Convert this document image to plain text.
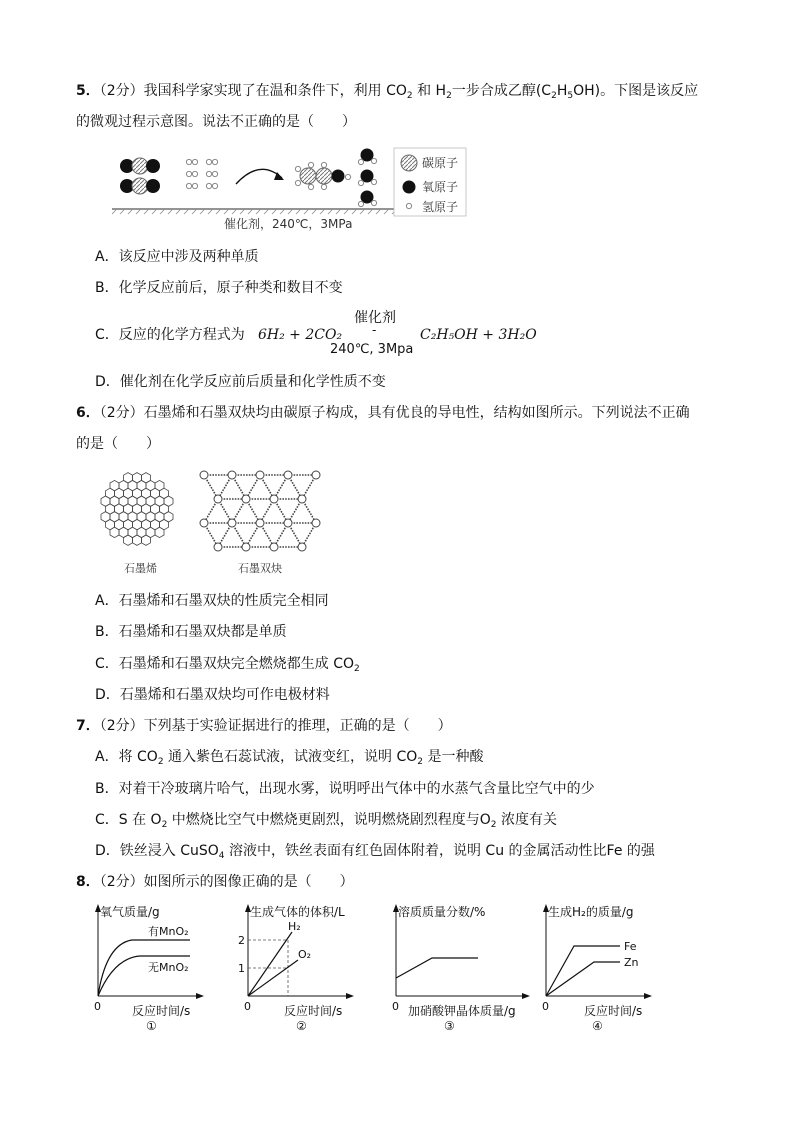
5．（2分）我国科学家实现了在温和条件下，利用 $CO_2$ 和 $H_2$一步合成乙醇$(C_2H_5OH)$。下图是该反应
的微观过程示意图。说法不正确的是（　　）
碳原子
氧原子
氢原子
催化剂，240℃，3MPa
A．该反应中涉及两种单质
B．化学反应前后，原子种类和数目不变
C．反应的化学方程式为 6H₂ + 2CO₂
催化剂
-
240℃, 3Mpa
C₂H₅OH + 3H₂O
D．催化剂在化学反应前后质量和化学性质不变
6．（2分）石墨烯和石墨双炔均由碳原子构成，具有优良的导电性，结构如图所示。下列说法不正确
的是（　　）
石墨烯	石墨双炔
A．石墨烯和石墨双炔的性质完全相同
B．石墨烯和石墨双炔都是单质
C．石墨烯和石墨双炔完全燃烧都生成 $CO_2$
D．石墨烯和石墨双炔均可作电极材料
7．（2分）下列基于实验证据进行的推理，正确的是（　　）
A．将 $CO_2$ 通入紫色石蕊试液，试液变红，说明 $CO_2$ 是一种酸
B．对着干冷玻璃片哈气，出现水雾，说明呼出气体中的水蒸气含量比空气中的少
C．S 在 $O_2$ 中燃烧比空气中燃烧更剧烈，说明燃烧剧烈程度与$O_2$ 浓度有关
D．铁丝浸入 CuSO$_4$ 溶液中，铁丝表面有红色固体附着，说明 Cu 的金属活动性比Fe 的强
8．（2分）如图所示的图像正确的是（　　）
氧气质量/g
有MnO₂
无MnO₂
0	反应时间/s
①
生成气体的体积/L
2
1
H₂
O₂
0	反应时间/s
②
溶质质量分数/%
0 加硝酸钾晶体质量/g
③
生成H₂的质量/g
Fe
Zn
0	反应时间/s
④
